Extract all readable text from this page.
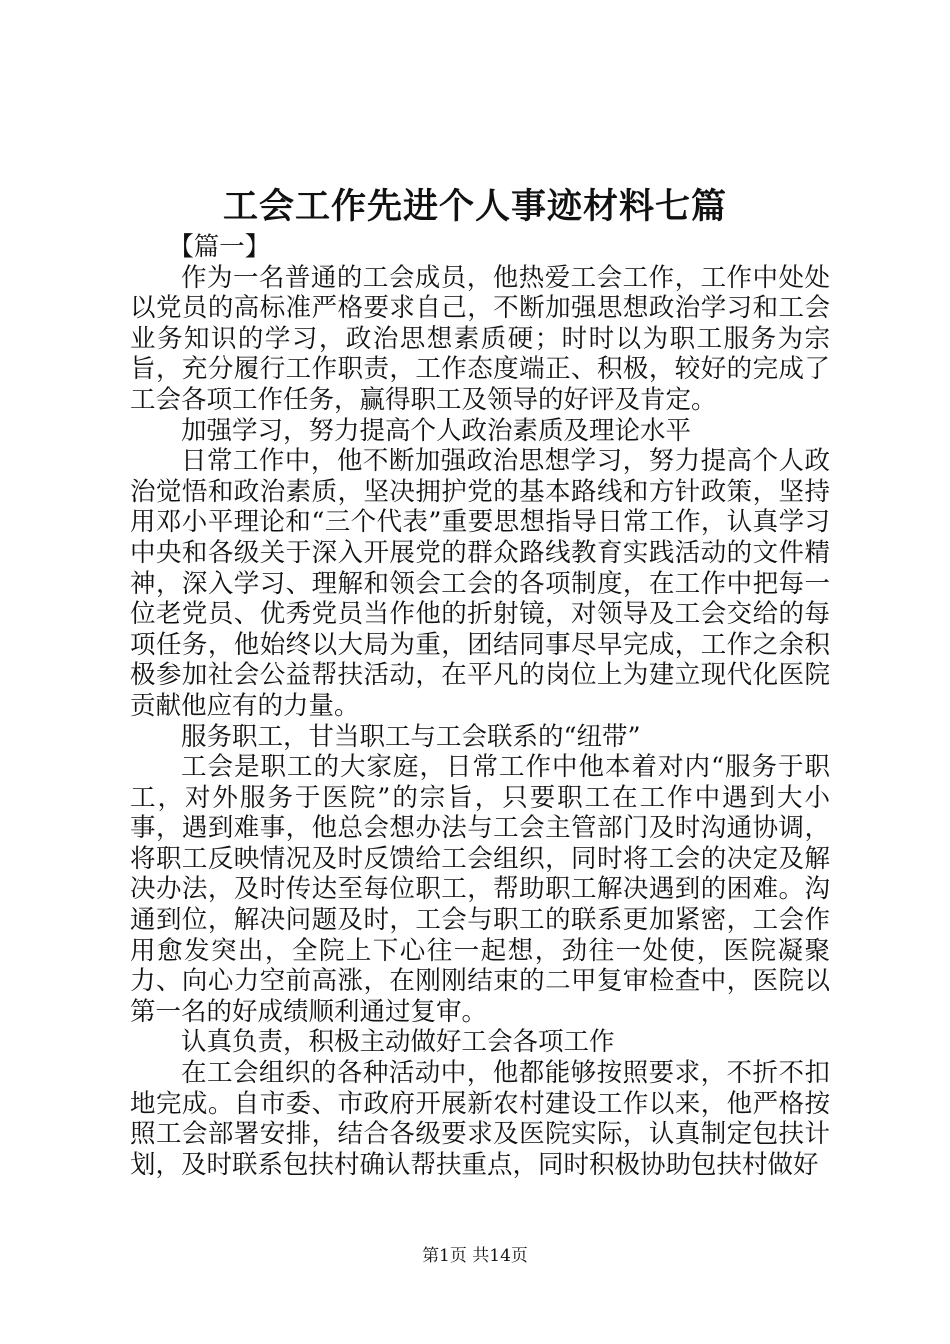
工会工作先进个人事迹材料七篇

【篇一】

作为一名普通的工会成员，他热爱工会工作，工作中处处以党员的高标准严格要求自己，不断加强思想政治学习和工会业务知识的学习，政治思想素质硬；时时以为职工服务为宗旨，充分履行工作职责，工作态度端正、积极，较好的完成了工会各项工作任务，赢得职工及领导的好评及肯定。

加强学习，努力提高个人政治素质及理论水平

日常工作中，他不断加强政治思想学习，努力提高个人政治觉悟和政治素质，坚决拥护党的基本路线和方针政策，坚持用邓小平理论和“三个代表”重要思想指导日常工作，认真学习中央和各级关于深入开展党的群众路线教育实践活动的文件精神，深入学习、理解和领会工会的各项制度，在工作中把每一位老党员、优秀党员当作他的折射镜，对领导及工会交给的每项任务，他始终以大局为重，团结同事尽早完成，工作之余积极参加社会公益帮扶活动，在平凡的岗位上为建立现代化医院贡献他应有的力量。

服务职工，甘当职工与工会联系的“纽带”

工会是职工的大家庭，日常工作中他本着对内“服务于职工，对外服务于医院”的宗旨，只要职工在工作中遇到大小事，遇到难事，他总会想办法与工会主管部门及时沟通协调，将职工反映情况及时反馈给工会组织，同时将工会的决定及解决办法，及时传达至每位职工，帮助职工解决遇到的困难。沟通到位，解决问题及时，工会与职工的联系更加紧密，工会作用愈发突出，全院上下心往一起想，劲往一处使，医院凝聚力、向心力空前高涨，在刚刚结束的二甲复审检查中，医院以第一名的好成绩顺利通过复审。

认真负责，积极主动做好工会各项工作

在工会组织的各种活动中，他都能够按照要求，不折不扣地完成。自市委、市政府开展新农村建设工作以来，他严格按照工会部署安排，结合各级要求及医院实际，认真制定包扶计划，及时联系包扶村确认帮扶重点，同时积极协助包扶村做好

第1页 共14页
